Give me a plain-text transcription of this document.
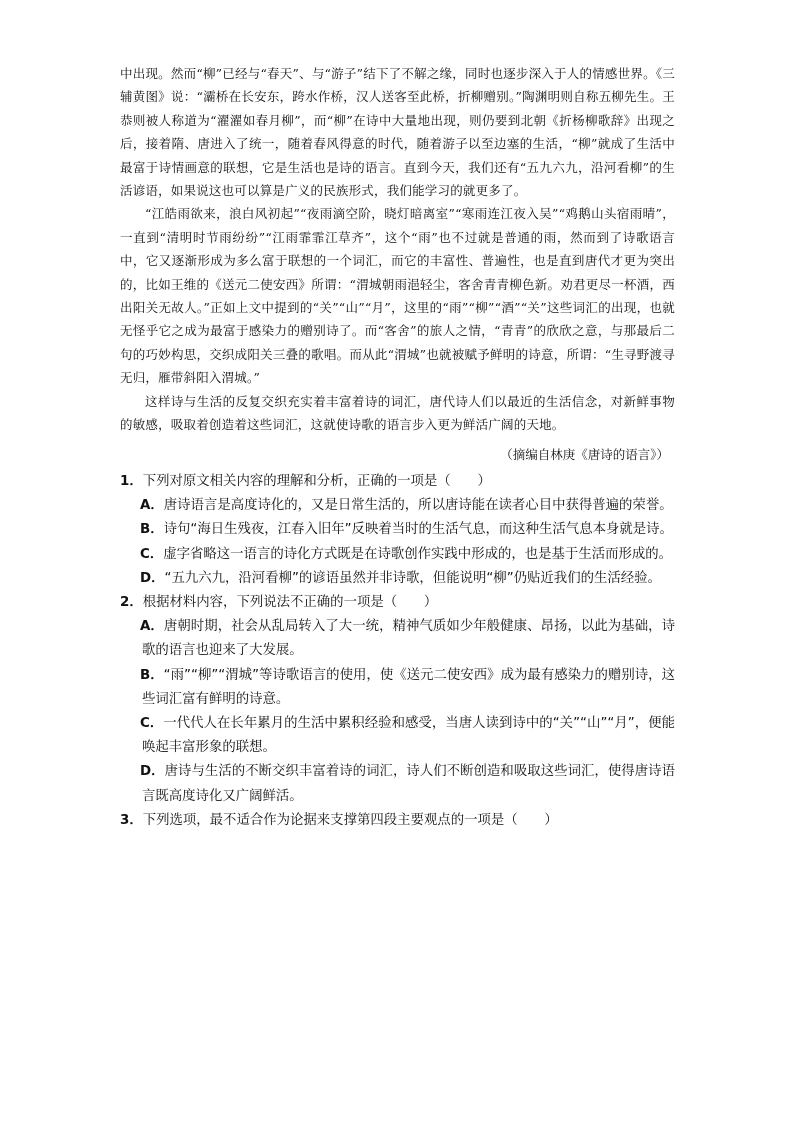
中出现。然而“柳”已经与“春天”、与“游子”结下了不解之缘，同时也逐步深入于人的情感世界。《三辅黄图》说：“灞桥在长安东，跨水作桥，汉人送客至此桥，折柳赠别。”陶渊明则自称五柳先生。王恭则被人称道为“濯濯如春月柳”，而“柳”在诗中大量地出现，则仍要到北朝《折杨柳歌辞》出现之后，接着隋、唐进入了统一，随着春风得意的时代，随着游子以至边塞的生活，“柳”就成了生活中最富于诗情画意的联想，它是生活也是诗的语言。直到今天，我们还有“五九六九，沿河看柳”的生活谚语，如果说这也可以算是广义的民族形式，我们能学习的就更多了。

“江皓雨欲来，浪白风初起”“夜雨滴空阶，晓灯暗离室”“寒雨连江夜入吴”“鸡鹅山头宿雨晴”，一直到“清明时节雨纷纷”“江雨霏霏江草齐”，这个“雨”也不过就是普通的雨，然而到了诗歌语言中，它又逐渐形成为多么富于联想的一个词汇，而它的丰富性、普遍性，也是直到唐代才更为突出的，比如王维的《送元二使安西》所谓：“渭城朝雨浥轻尘，客舍青青柳色新。劝君更尽一杯酒，西出阳关无故人。”正如上文中提到的“关”“山”“月”，这里的“雨”“柳”“酒”“关”这些词汇的出现，也就无怪乎它之成为最富于感染力的赠别诗了。而“客舍”的旅人之情，“青青”的欣欣之意，与那最后二句的巧妙构思，交织成阳关三叠的歌唱。而从此“渭城”也就被赋予鲜明的诗意，所谓：“生寻野渡寻无归，雁带斜阳入渭城。”

这样诗与生活的反复交织充实着丰富着诗的词汇，唐代诗人们以最近的生活信念，对新鲜事物的敏感，吸取着创造着这些词汇，这就使诗歌的语言步入更为鲜活广阔的天地。

（摘编自林庚《唐诗的语言》）

1．下列对原文相关内容的理解和分析，正确的一项是（　　）

A．唐诗语言是高度诗化的，又是日常生活的，所以唐诗能在读者心目中获得普遍的荣誉。

B．诗句“海日生残夜，江春入旧年”反映着当时的生活气息，而这种生活气息本身就是诗。

C．虚字省略这一语言的诗化方式既是在诗歌创作实践中形成的，也是基于生活而形成的。

D．“五九六九，沿河看柳”的谚语虽然并非诗歌，但能说明“柳”仍贴近我们的生活经验。

2．根据材料内容，下列说法不正确的一项是（　　）

A．唐朝时期，社会从乱局转入了大一统，精神气质如少年般健康、昂扬，以此为基础，诗歌的语言也迎来了大发展。

B．“雨”“柳”“渭城”等诗歌语言的使用，使《送元二使安西》成为最有感染力的赠别诗，这些词汇富有鲜明的诗意。

C．一代代人在长年累月的生活中累积经验和感受，当唐人读到诗中的“关”“山”“月”，便能唤起丰富形象的联想。

D．唐诗与生活的不断交织丰富着诗的词汇，诗人们不断创造和吸取这些词汇，使得唐诗语言既高度诗化又广阔鲜活。

3．下列选项，最不适合作为论据来支撑第四段主要观点的一项是（　　）
